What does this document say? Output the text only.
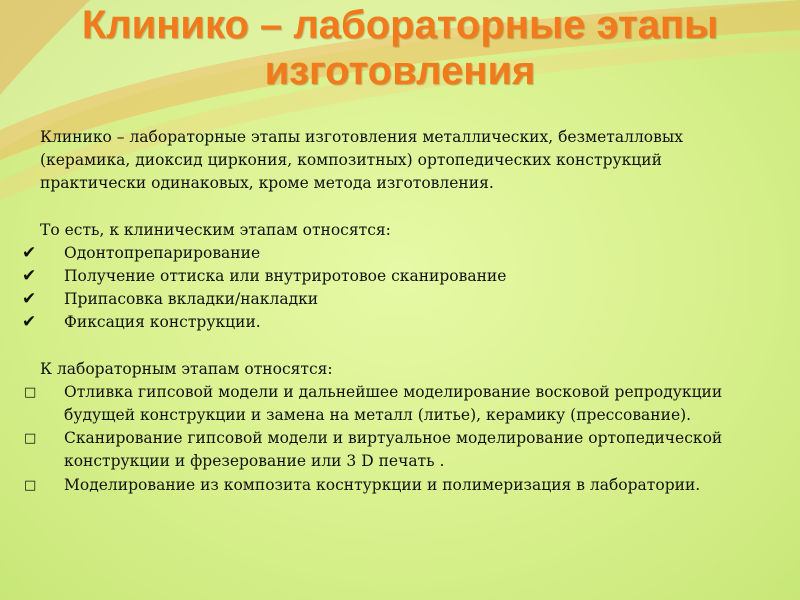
Клинико – лабораторные этапы изготовления

Клинико – лабораторные этапы изготовления металлических, безметалловых (керамика, диоксид циркония, композитных) ортопедических конструкций практически одинаковых, кроме метода изготовления.

То есть, к клиническим этапам относятся:

✔	Одонтопрепарирование
✔	Получение оттиска или внутриротовое сканирование
✔	Припасовка вкладки/накладки
✔	Фиксация конструкции.

К лабораторным этапам относятся:

□	Отливка гипсовой модели и дальнейшее моделирование восковой репродукции будущей конструкции и замена на металл (литье), керамику (прессование).
□	Сканирование гипсовой модели и виртуальное моделирование ортопедической конструкции и фрезерование или 3 D печать .
□	Моделирование из композита коснтуркции и полимеризация в лаборатории.
